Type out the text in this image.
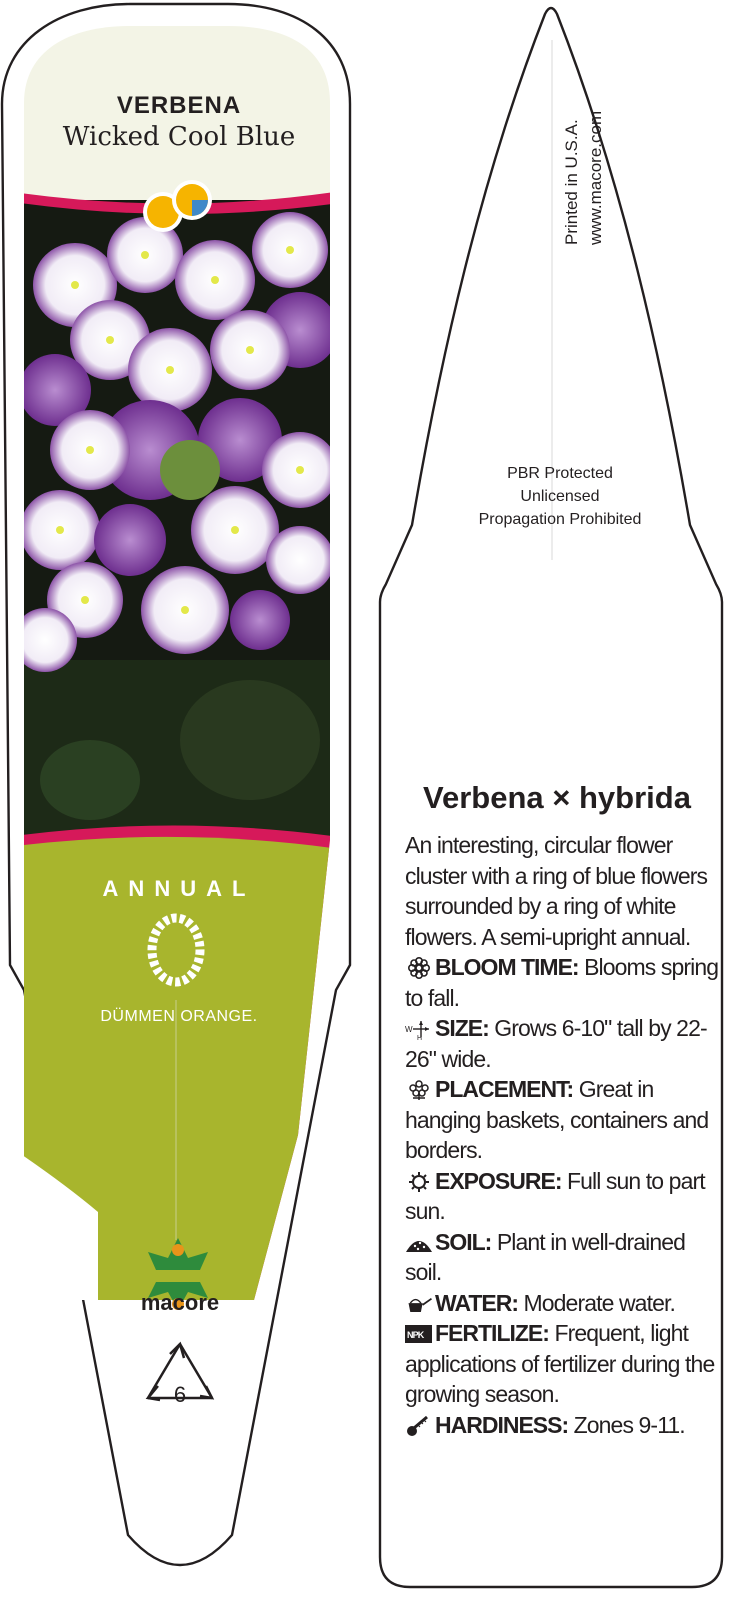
VERBENA
Wicked Cool Blue
ANNUAL
DÜMMEN ORANGE.
macore
6
Printed in U.S.A. www.macore.com
PBR Protected
Unlicensed
Propagation Prohibited
Verbena × hybrida

An interesting, circular flower cluster with a ring of blue flowers surrounded by a ring of white flowers. A semi-upright annual.

BLOOM TIME: Blooms spring to fall.

W
H SIZE: Grows 6-10" tall by 22-26" wide.

PLACEMENT: Great in hanging baskets, containers and borders.

EXPOSURE: Full sun to part sun.

SOIL: Plant in well-drained soil.

WATER: Moderate water.

NPK FERTILIZE: Frequent, light applications of fertilizer during the growing season.

HARDINESS: Zones 9-11.
